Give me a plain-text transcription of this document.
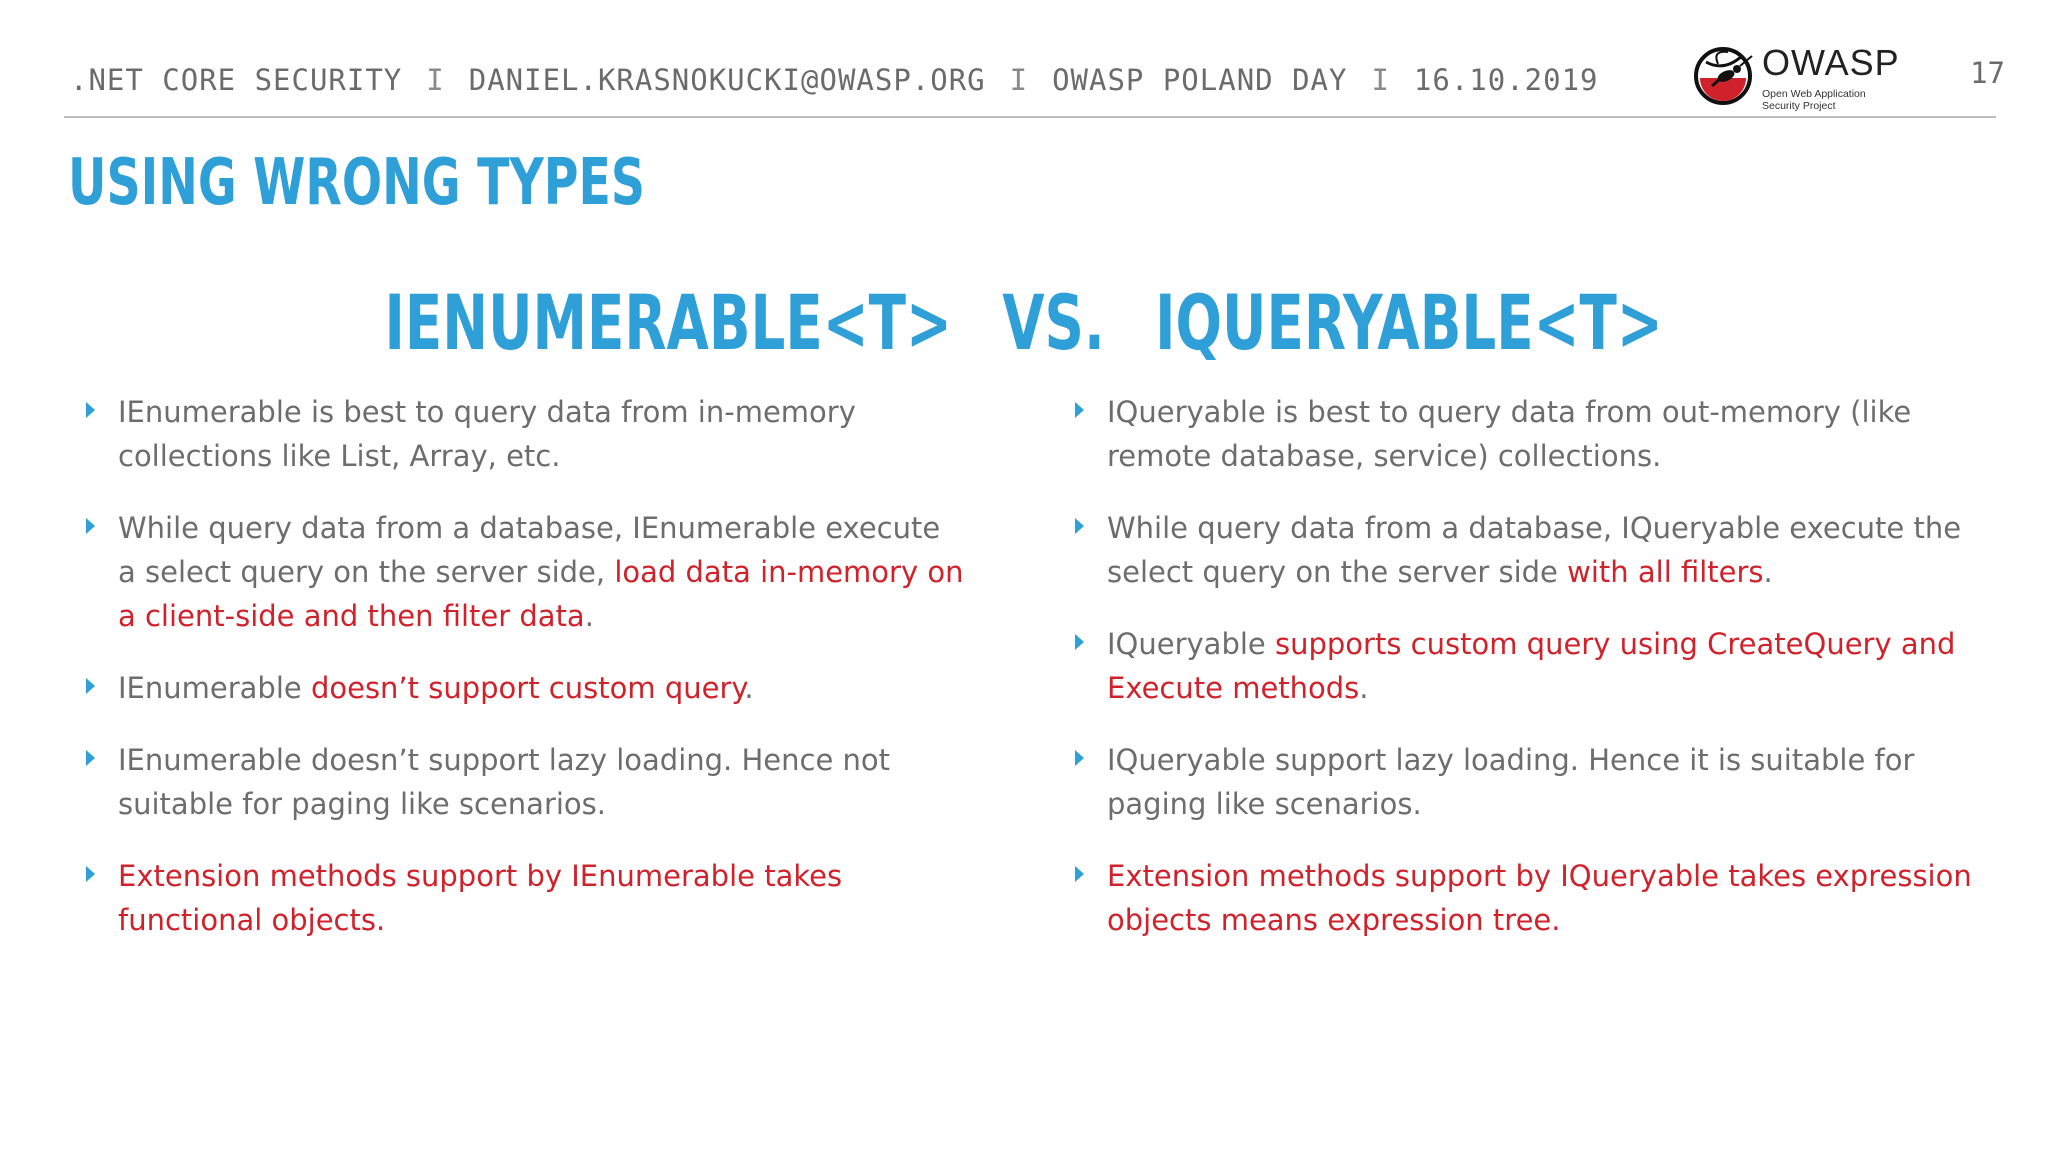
.NET CORE SECURITY I DANIEL.KRASNOKUCKI@OWASP.ORG I OWASP POLAND DAY I 16.10.2019	OWASP
Open Web Application
Security Project
17
USING WRONG TYPES
IENUMERABLE<T> VS. IQUERYABLE<T>
IEnumerable is best to query data from in-memory collections like List, Array, etc.
While query data from a database, IEnumerable execute a select query on the server side, load data in-memory on a client-side and then filter data.
IEnumerable doesn’t support custom query.
IEnumerable doesn’t support lazy loading. Hence not suitable for paging like scenarios.
Extension methods support by IEnumerable takes functional objects.
IQueryable is best to query data from out-memory (like remote database, service) collections.
While query data from a database, IQueryable execute the select query on the server side with all filters.
IQueryable supports custom query using CreateQuery and Execute methods.
IQueryable support lazy loading. Hence it is suitable for paging like scenarios.
Extension methods support by IQueryable takes expression objects means expression tree.
